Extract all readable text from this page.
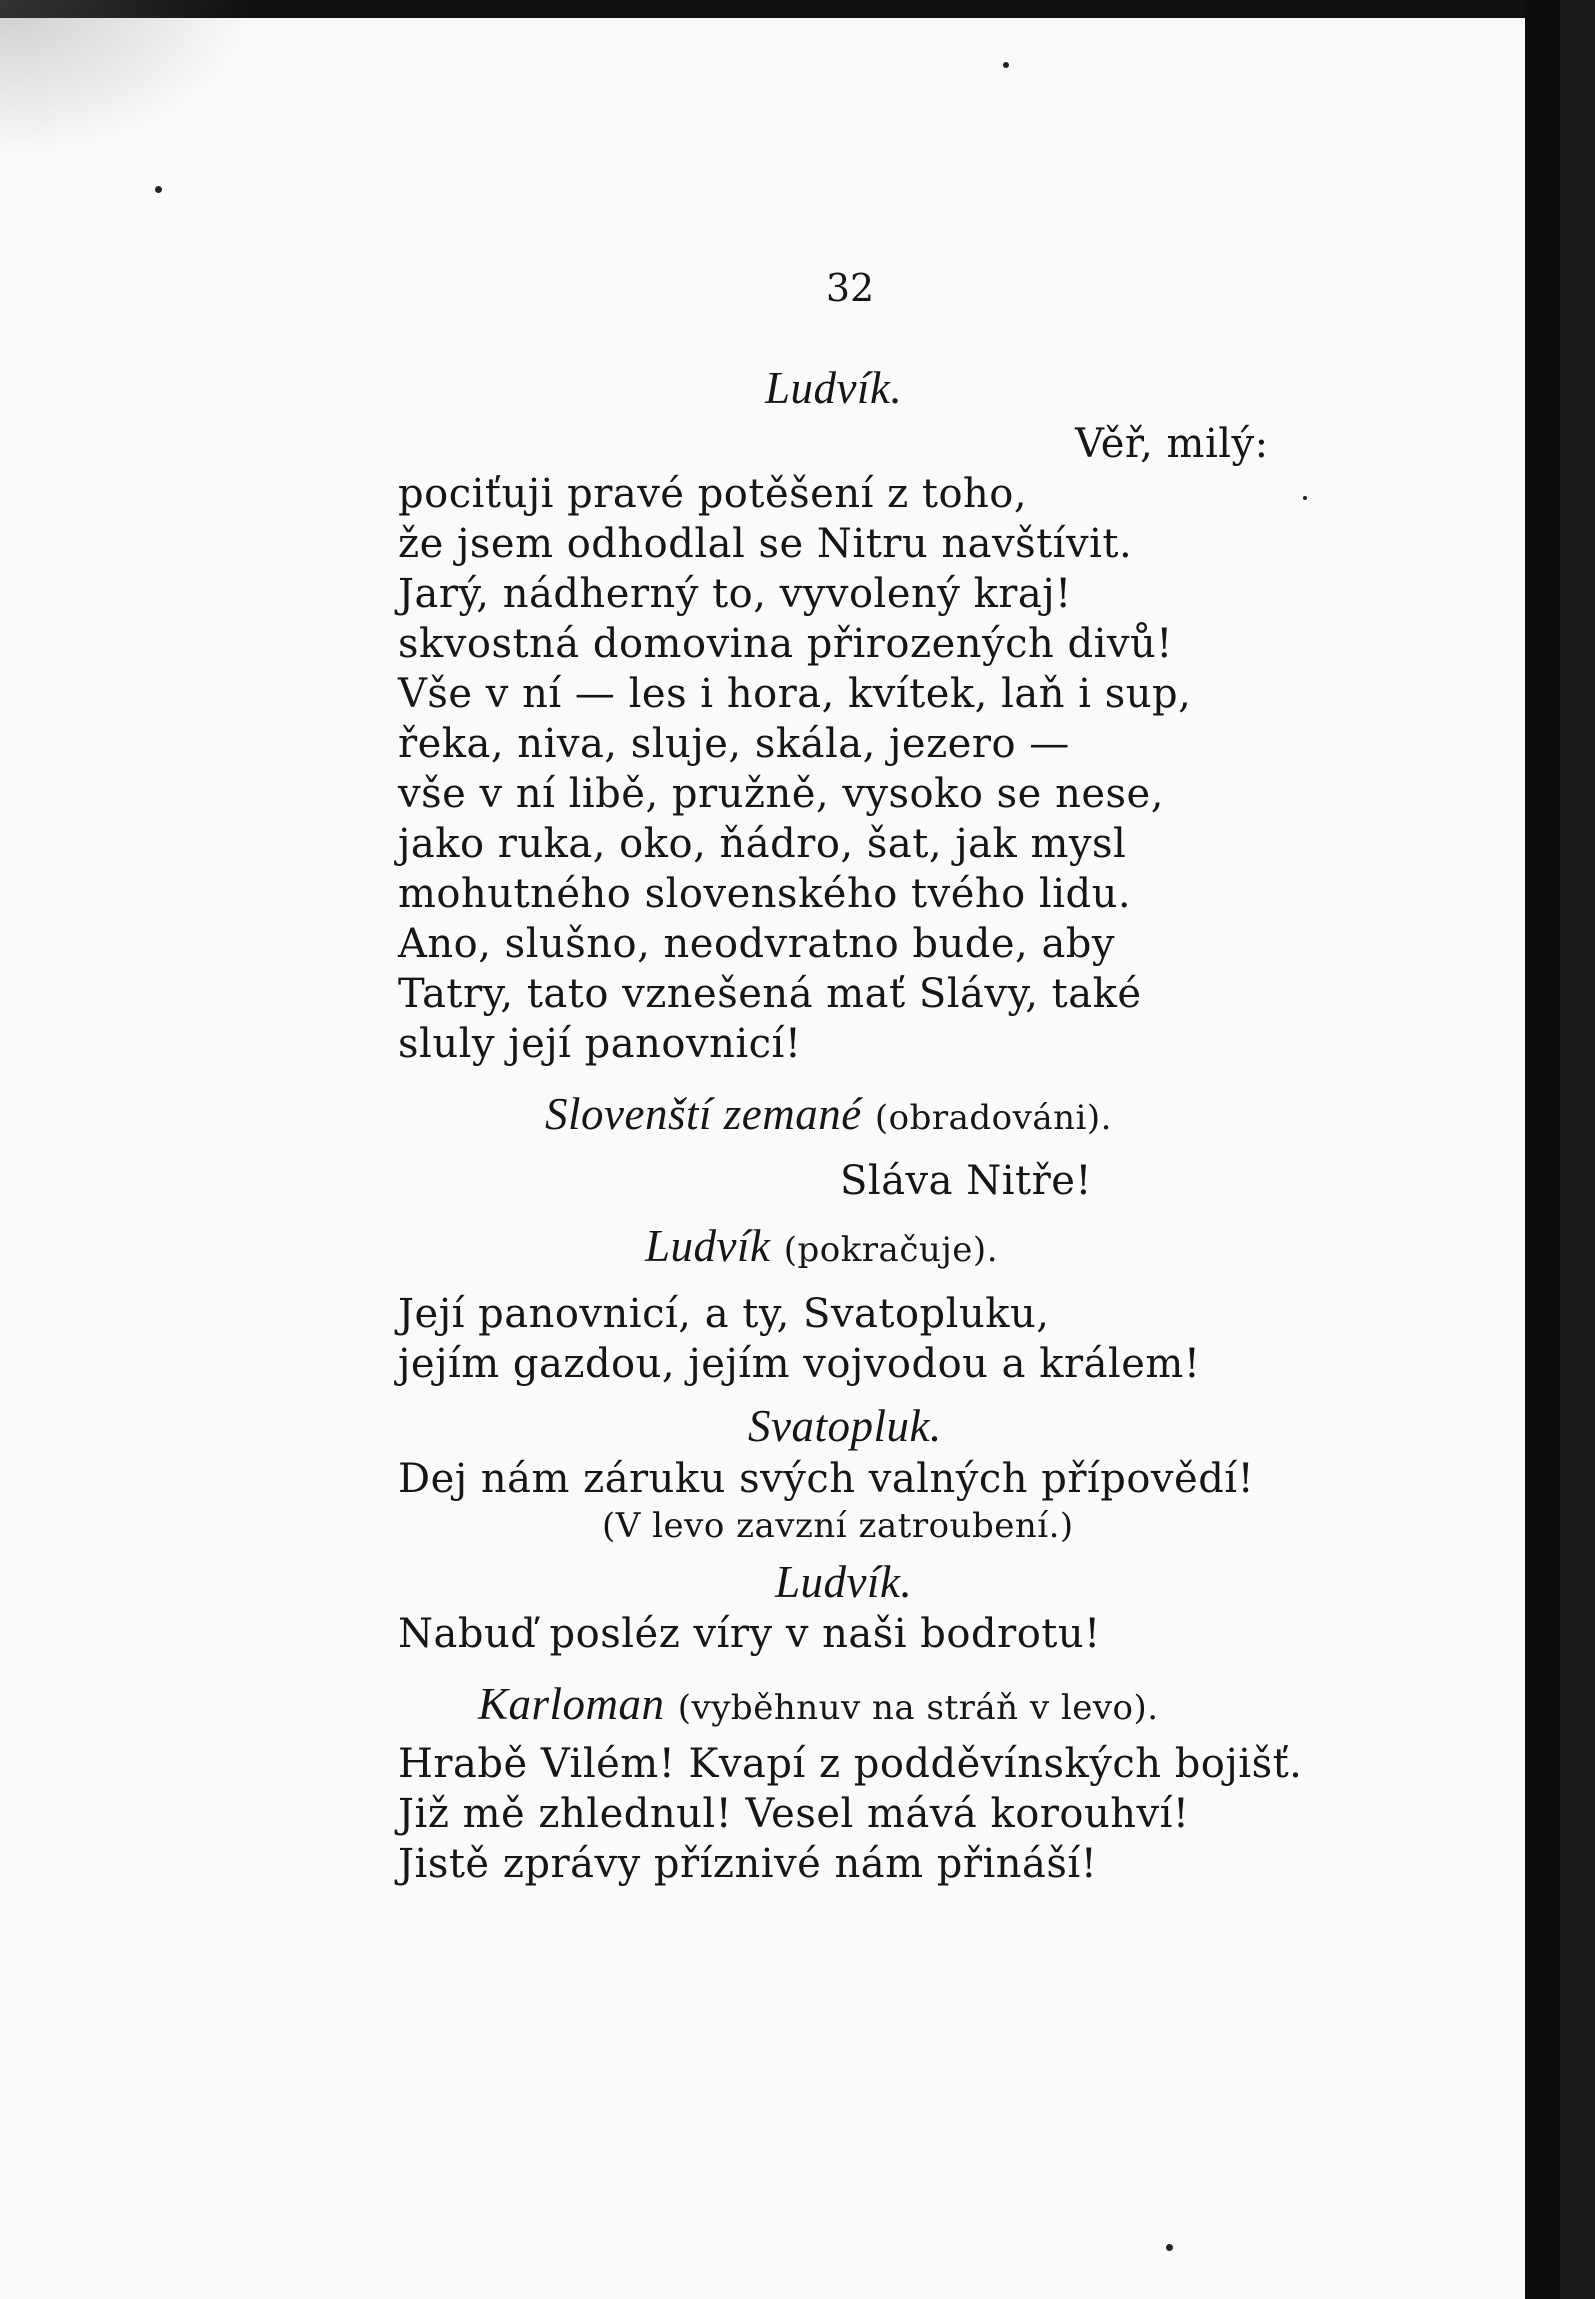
32
Ludvík.
Věř, milý:
pociťuji pravé potěšení z toho,
že jsem odhodlal se Nitru navštívit.
Jarý, nádherný to, vyvolený kraj!
skvostná domovina přirozených divů!
Vše v ní — les i hora, kvítek, laň i sup,
řeka, niva, sluje, skála, jezero —
vše v ní libě, pružně, vysoko se nese,
jako ruka, oko, ňádro, šat, jak mysl
mohutného slovenského tvého lidu.
Ano, slušno, neodvratno bude, aby
Tatry, tato vznešená mať Slávy, také
sluly její panovnicí!
Slovenští zemané (obradováni).
Sláva Nitře!
Ludvík (pokračuje).
Její panovnicí, a ty, Svatopluku,
jejím gazdou, jejím vojvodou a králem!
Svatopluk.
Dej nám záruku svých valných přípovědí!
(V levo zavzní zatroubení.)
Ludvík.
Nabuď posléz víry v naši bodrotu!
Karloman (vyběhnuv na stráň v levo).
Hrabě Vilém! Kvapí z podděvínských bojišť.
Již mě zhlednul! Vesel mává korouhví!
Jistě zprávy příznivé nám přináší!
